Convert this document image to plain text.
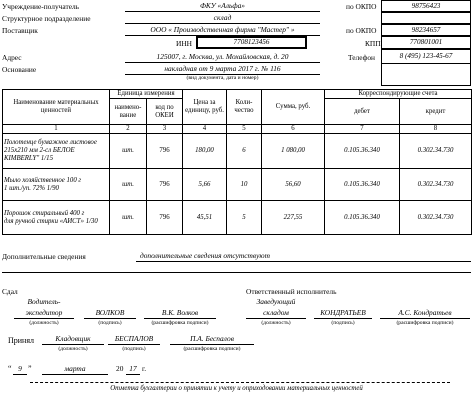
Учреждение-получатель	ФКУ «Альфа»	по ОКПО	98756423
Структурное подразделение	склад
Поставщик	ООО « Производственная фирма "Мастер" »	по ОКПО	98234657
ИНН	7708123456	КПП	770801001
Адрес	125007, г. Москва, ул. Мохайловская, д. 20	Телефон	8 (495) 123-45-67
Основание	накладная от 9 марта 2017 г. № 116
(вид документа, дата и номер)
Наименование материальных ценностей	Единица измерения		Цена за единицу, руб.	Коли-чество	Сумма, руб.	Корреспондирующие счета	
	наимено-вание	код по ОКЕИ				дебет	кредит
1	2	3	4	5	6	7	8
Полотенце бумажное листовое
215х210 мм 2-сл БЕЛОЕ
KIMBERLY" 1/15	шт.	796	180,00	6	1 080,00	0.105.36.340	0.302.34.730
Мыло хозяйственное 100 г
1 шт./уп. 72% 1/90	шт.	796	5,66	10	56,60	0.105.36.340	0.302.34.730
Порошок стиральный 400 г
для ручной стирки «АИСТ» 1/30	шт.	796	45,51	5	227,55	0.105.36.340	0.302.34.730
Дополнительные сведения	дополнительные сведения отсутствуют
Сдал	Ответственный исполнитель
Водитель-
экспедитор
(должность)
ВОЛКОВ
(подпись)
В.К. Волков
(расшифровка подписи)
Заведующий
складом
(должность)
КОНДРАТЬЕВ
(подпись)
А.С. Кондратьев
(расшифровка подписи)
Принял	Кладовщик
(должность)
БЕСПАЛОВ
(подпись)
П.А. Беспалов
(расшифровка подписи)
“ 9 ”	марта	20 17 г.
Отметка бухгалтерии о принятии к учету и оприходовании материальных ценностей
